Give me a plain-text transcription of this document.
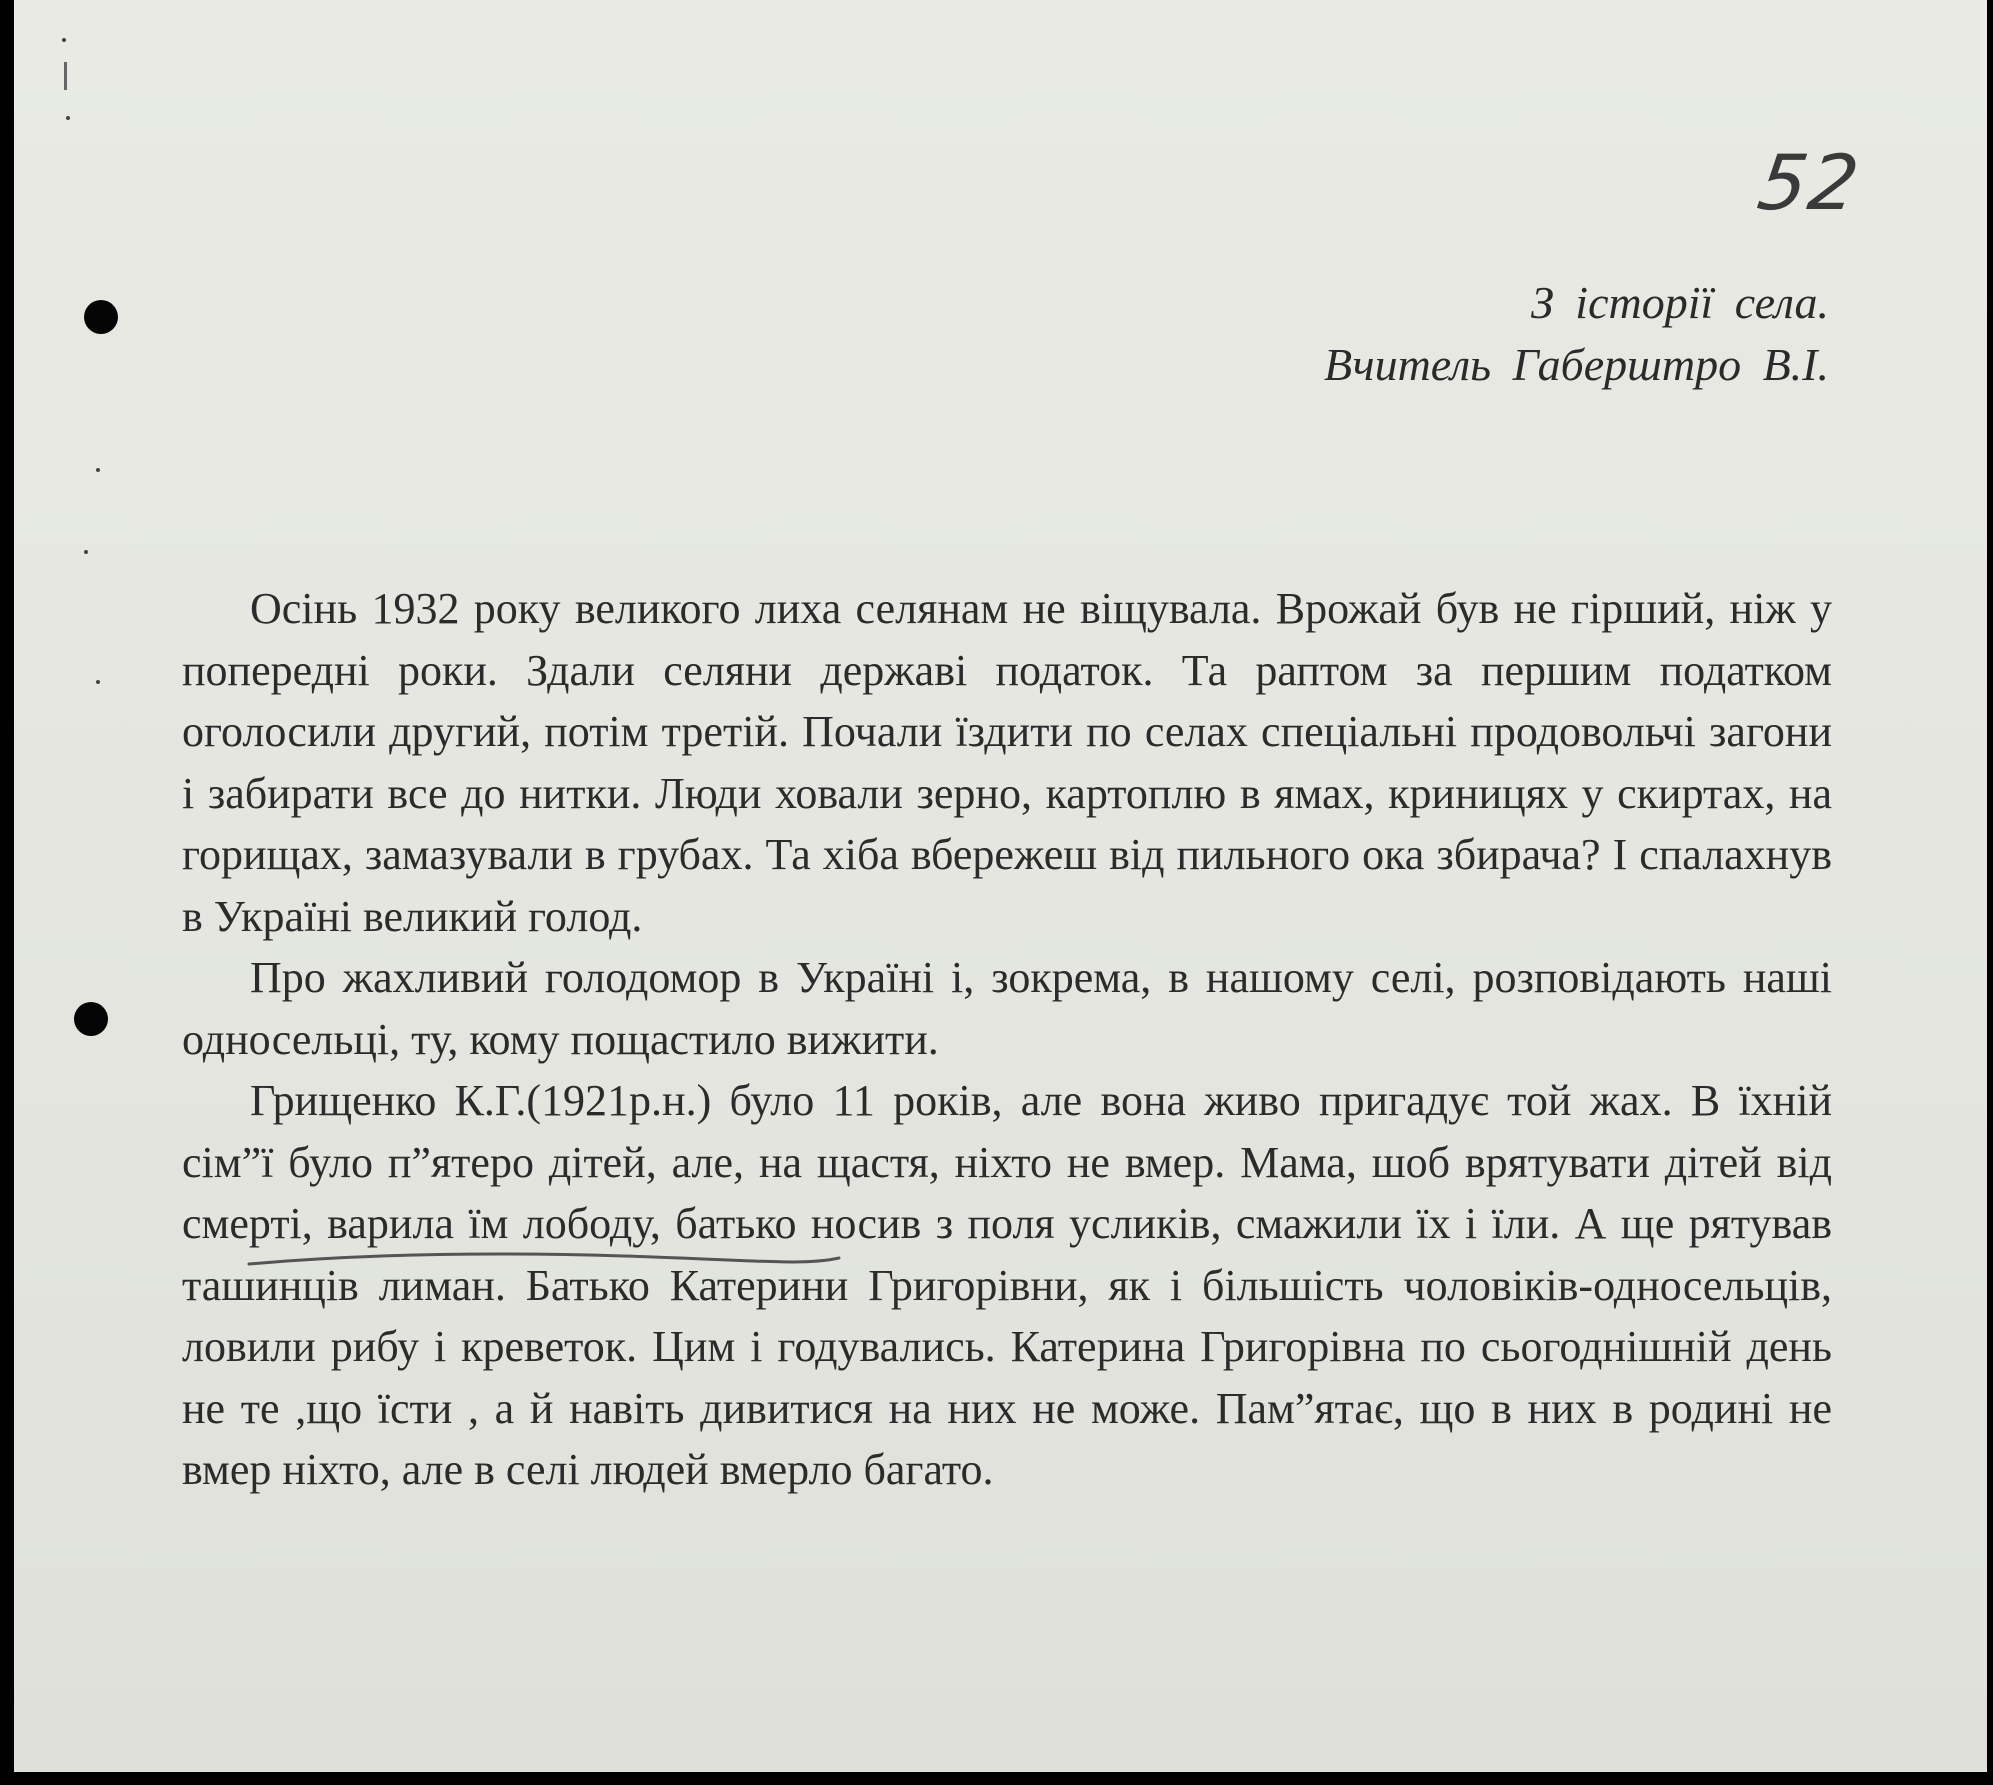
52
З історії села.
Вчитель Габерштро В.І.

Осінь 1932 року великого лиха селянам не віщувала. Врожай був не гірший, ніж у попередні роки. Здали селяни державі податок. Та раптом за першим податком оголосили другий, потім третій. Почали їздити по селах спеціальні продовольчі загони і забирати все до нитки. Люди ховали зерно, картоплю в ямах, криницях у скиртах, на горищах, замазували в грубах. Та хіба вбережеш від пильного ока збирача? І спалахнув в Україні великий голод.

Про жахливий голодомор в Україні і, зокрема, в нашому селі, розповідають наші односельці, ту, кому пощастило вижити.

Грищенко К.Г.(1921р.н.) було 11 років, але вона живо пригадує той жах. В їхній сім”ї було п”ятеро дітей, але, на щастя, ніхто не вмер. Мама, шоб врятувати дітей від смерті, варила їм лободу, батько носив з поля усликів, смажили їх і їли. А ще рятував ташинців лиман. Батько Катерини Григорівни, як і більшість чоловіків-односельців, ловили рибу і креветок. Цим і годувались. Катерина Григорівна по сьогоднішній день не те ,що їсти , а й навіть дивитися на них не може. Пам”ятає, що в них в родині не вмер ніхто, але в селі людей вмерло багато.
